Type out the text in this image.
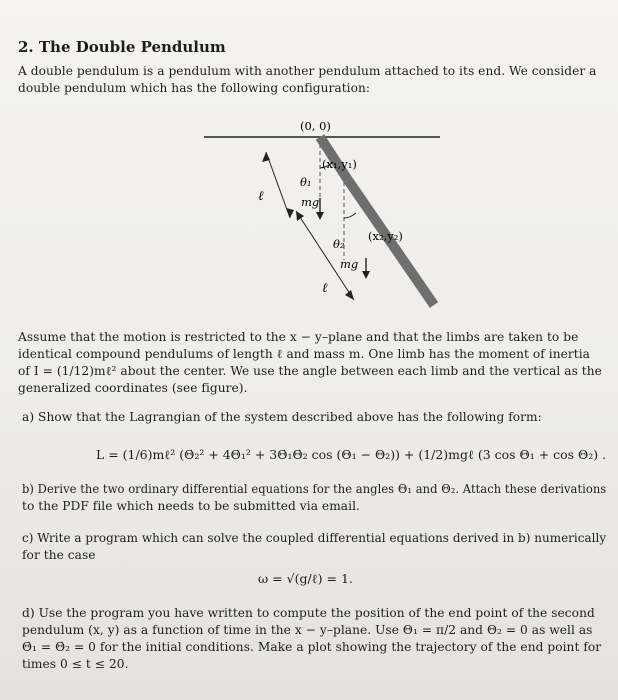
2. The Double Pendulum
A double pendulum is a pendulum with another pendulum attached to its end. We consider a
double pendulum which has the following configuration:
(0, 0)
(x₁,y₁)
(x₂,y₂)
θ₁
θ₂
mg
mg
ℓ
ℓ
Assume that the motion is restricted to the x − y–plane and that the limbs are taken to be
identical compound pendulums of length ℓ and mass m. One limb has the moment of inertia
of I = (1/12)mℓ² about the center. We use the angle between each limb and the vertical as the
generalized coordinates (see figure).
a) Show that the Lagrangian of the system described above has the following form:
L = (1/6)mℓ² (Θ̇₂² + 4Θ̇₁² + 3Θ̇₁Θ̇₂ cos (Θ₁ − Θ₂)) + (1/2)mgℓ (3 cos Θ₁ + cos Θ₂) .
b) Derive the two ordinary differential equations for the angles Θ₁ and Θ₂. Attach these derivations
to the PDF file which needs to be submitted via email.
c) Write a program which can solve the coupled differential equations derived in b) numerically
for the case
ω = √(g/ℓ) = 1.
d) Use the program you have written to compute the position of the end point of the second
pendulum (x, y) as a function of time in the x − y–plane. Use Θ₁ = π/2 and Θ₂ = 0 as well as
Θ̇₁ = Θ̇₂ = 0 for the initial conditions. Make a plot showing the trajectory of the end point for
times 0 ≤ t ≤ 20.
